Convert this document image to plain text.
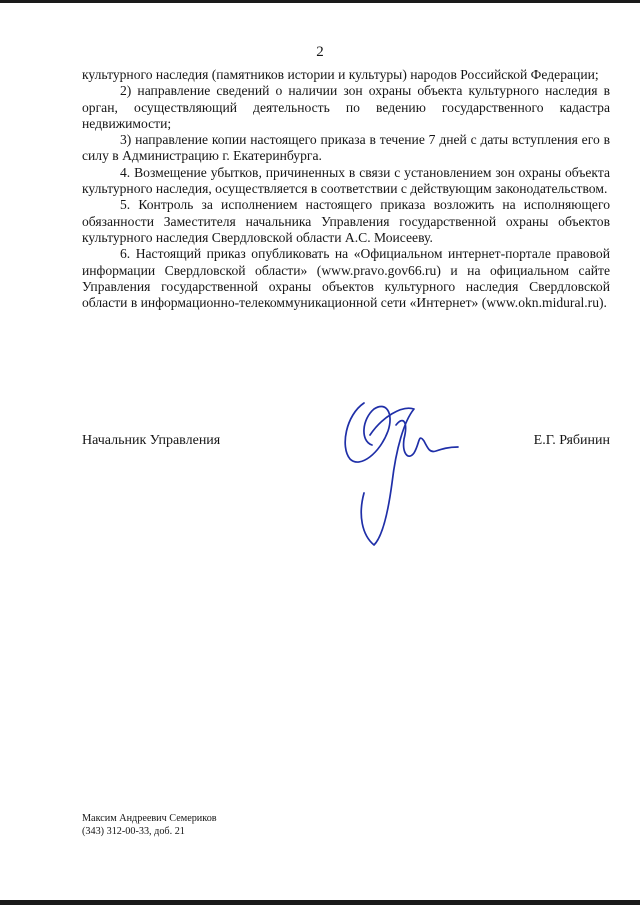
2

культурного наследия (памятников истории и культуры) народов Российской Федерации;

2) направление сведений о наличии зон охраны объекта культурного наследия в орган, осуществляющий деятельность по ведению государственного кадастра недвижимости;

3) направление копии настоящего приказа в течение 7 дней с даты вступления его в силу в Администрацию г. Екатеринбурга.

4. Возмещение убытков, причиненных в связи с установлением зон охраны объекта культурного наследия, осуществляется в соответствии с действующим законодательством.

5. Контроль за исполнением настоящего приказа возложить на исполняющего обязанности Заместителя начальника Управления государственной охраны объектов культурного наследия Свердловской области А.С. Моисееву.

6. Настоящий приказ опубликовать на «Официальном интернет-портале правовой информации Свердловской области» (www.pravo.gov66.ru) и на официальном сайте Управления государственной охраны объектов культурного наследия Свердловской области в информационно-телекоммуникационной сети «Интернет» (www.okn.midural.ru).

Начальник Управления	Е.Г. Рябинин
Максим Андреевич Семериков
(343) 312-00-33, доб. 21
